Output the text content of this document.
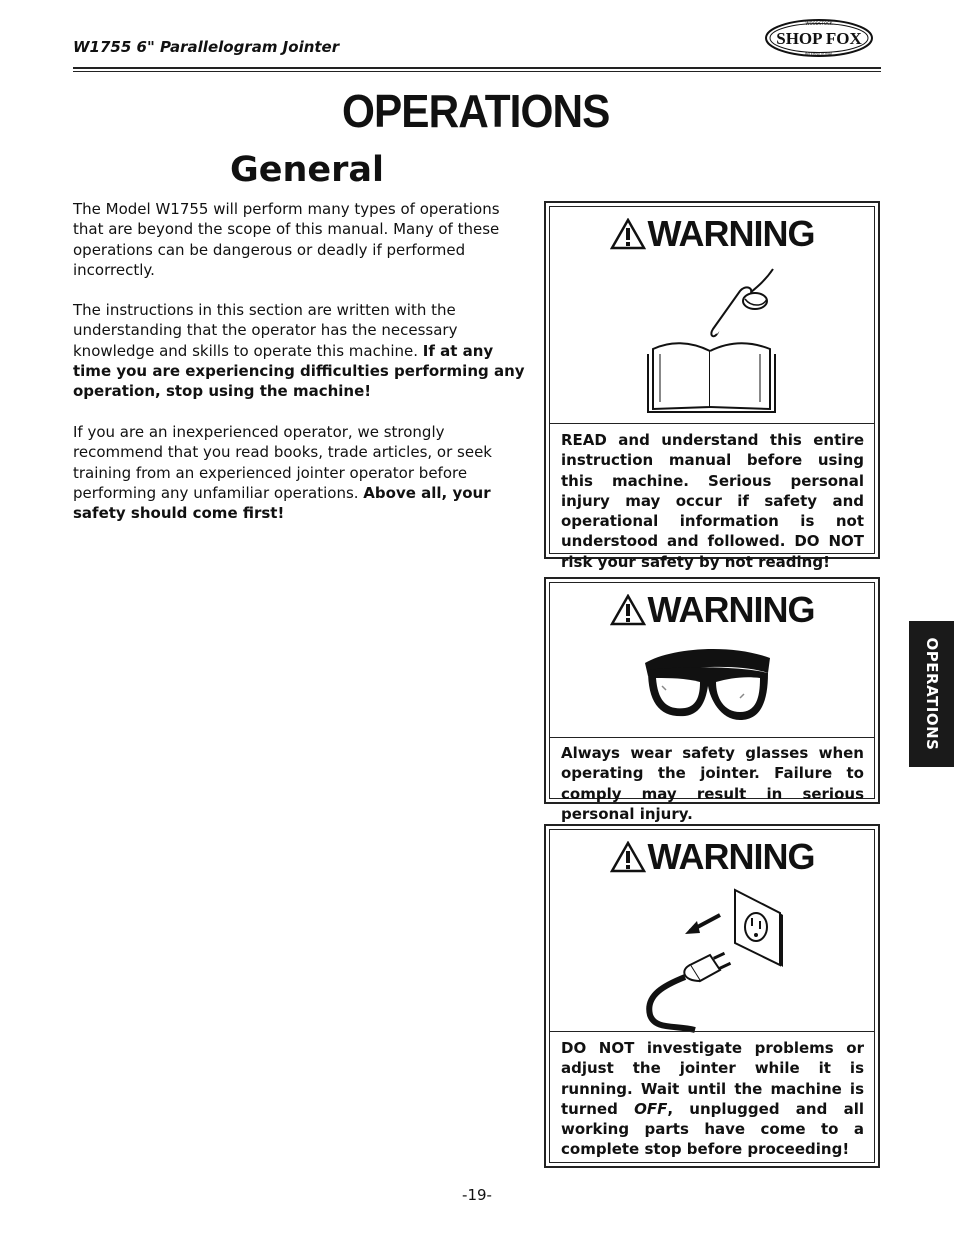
W1755 6" Parallelogram Jointer	SHOP FOX
WOODSTOCK
INTERNATIONAL
OPERATIONS
General
The Model W1755 will perform many types of operations that are beyond the scope of this manual. Many of these operations can be dangerous or deadly if performed incorrectly.
The instructions in this section are written with the understanding that the operator has the necessary knowledge and skills to operate this machine. If at any time you are experiencing difficulties performing any operation, stop using the machine!
If you are an inexperienced operator, we strongly recommend that you read books, trade articles, or seek training from an experienced jointer operator before performing any unfamiliar operations. Above all, your safety should come first!
WARNING
READ and understand this entire instruction manual before using this machine. Serious personal injury may occur if safety and operational information is not understood and followed. DO NOT risk your safety by not reading!
WARNING
Always wear safety glasses when operating the jointer. Failure to comply may result in serious personal injury.
WARNING
DO NOT investigate problems or adjust the jointer while it is running. Wait until the machine is turned OFF, unplugged and all working parts have come to a complete stop before proceeding!
OPERATIONS
-19-
